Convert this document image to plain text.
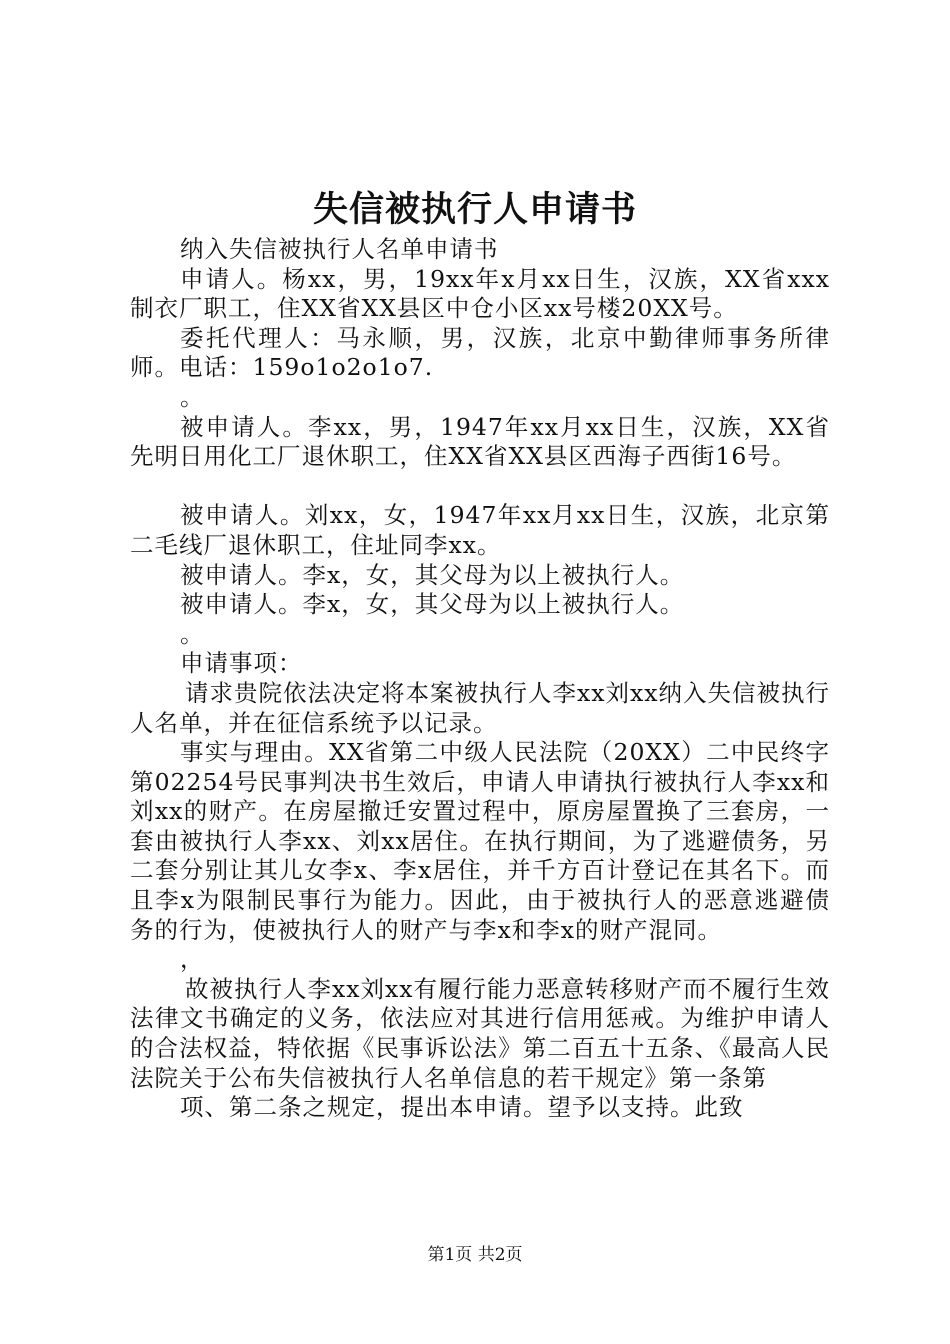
失信被执行人申请书

纳入失信被执行人名单申请书

申请人。杨xx，男，19xx年x月xx日生，汉族，XX省xxx制衣厂职工，住XX省XX县区中仓小区xx号楼20XX号。

委托代理人：马永顺，男，汉族，北京中勤律师事务所律师。电话：159o1o2o1o7.

。

被申请人。李xx，男，1947年xx月xx日生，汉族，XX省先明日用化工厂退休职工，住XX省XX县区西海子西街16号。

被申请人。刘xx，女，1947年xx月xx日生，汉族，北京第二毛线厂退休职工，住址同李xx。

被申请人。李x，女，其父母为以上被执行人。

被申请人。李x，女，其父母为以上被执行人。

。

申请事项：

请求贵院依法决定将本案被执行人李xx刘xx纳入失信被执行人名单，并在征信系统予以记录。

事实与理由。XX省第二中级人民法院（20XX）二中民终字第02254号民事判决书生效后，申请人申请执行被执行人李xx和刘xx的财产。在房屋撤迁安置过程中，原房屋置换了三套房，一套由被执行人李xx、刘xx居住。在执行期间，为了逃避债务，另二套分别让其儿女李x、李x居住，并千方百计登记在其名下。而且李x为限制民事行为能力。因此，由于被执行人的恶意逃避债务的行为，使被执行人的财产与李x和李x的财产混同。

，

故被执行人李xx刘xx有履行能力恶意转移财产而不履行生效法律文书确定的义务，依法应对其进行信用惩戒。为维护申请人的合法权益，特依据《民事诉讼法》第二百五十五条、《最高人民法院关于公布失信被执行人名单信息的若干规定》第一条第

项、第二条之规定，提出本申请。望予以支持。此致

第1页 共2页
